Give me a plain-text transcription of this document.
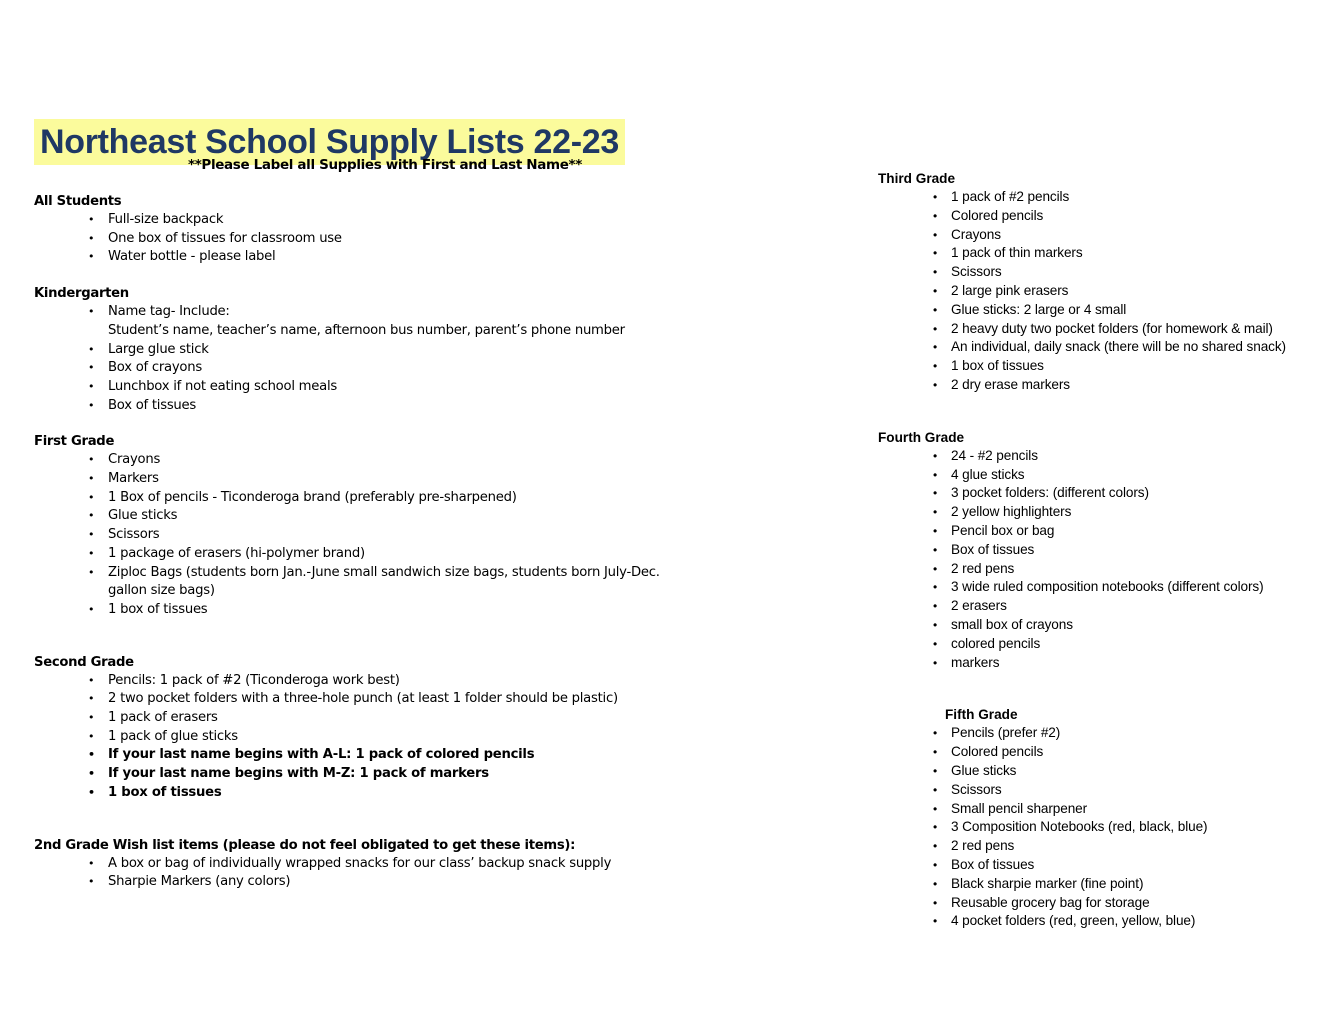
Northeast School Supply Lists 22-23
**Please Label all Supplies with First and Last Name**
All Students
• Full-size backpack
• One box of tissues for classroom use
• Water bottle - please label
Kindergarten
• Name tag- Include:
Student’s name, teacher’s name, afternoon bus number, parent’s phone number
• Large glue stick
• Box of crayons
• Lunchbox if not eating school meals
• Box of tissues
First Grade
• Crayons
• Markers
• 1 Box of pencils - Ticonderoga brand (preferably pre-sharpened)
• Glue sticks
• Scissors
• 1 package of erasers (hi-polymer brand)
• Ziploc Bags (students born Jan.-June small sandwich size bags, students born July-Dec. gallon size bags)
• 1 box of tissues
Second Grade
• Pencils: 1 pack of #2 (Ticonderoga work best)
• 2 two pocket folders with a three-hole punch (at least 1 folder should be plastic)
• 1 pack of erasers
• 1 pack of glue sticks
• If your last name begins with A-L: 1 pack of colored pencils
• If your last name begins with M-Z: 1 pack of markers
• 1 box of tissues
2nd Grade Wish list items (please do not feel obligated to get these items):
• A box or bag of individually wrapped snacks for our class’ backup snack supply
• Sharpie Markers (any colors)
Third Grade
• 1 pack of #2 pencils
• Colored pencils
• Crayons
• 1 pack of thin markers
• Scissors
• 2 large pink erasers
• Glue sticks: 2 large or 4 small
• 2 heavy duty two pocket folders (for homework & mail)
• An individual, daily snack (there will be no shared snack)
• 1 box of tissues
• 2 dry erase markers
Fourth Grade
• 24 - #2 pencils
• 4 glue sticks
• 3 pocket folders: (different colors)
• 2 yellow highlighters
• Pencil box or bag
• Box of tissues
• 2 red pens
• 3 wide ruled composition notebooks (different colors)
• 2 erasers
• small box of crayons
• colored pencils
• markers
Fifth Grade
• Pencils (prefer #2)
• Colored pencils
• Glue sticks
• Scissors
• Small pencil sharpener
• 3 Composition Notebooks (red, black, blue)
• 2 red pens
• Box of tissues
• Black sharpie marker (fine point)
• Reusable grocery bag for storage
• 4 pocket folders (red, green, yellow, blue)
